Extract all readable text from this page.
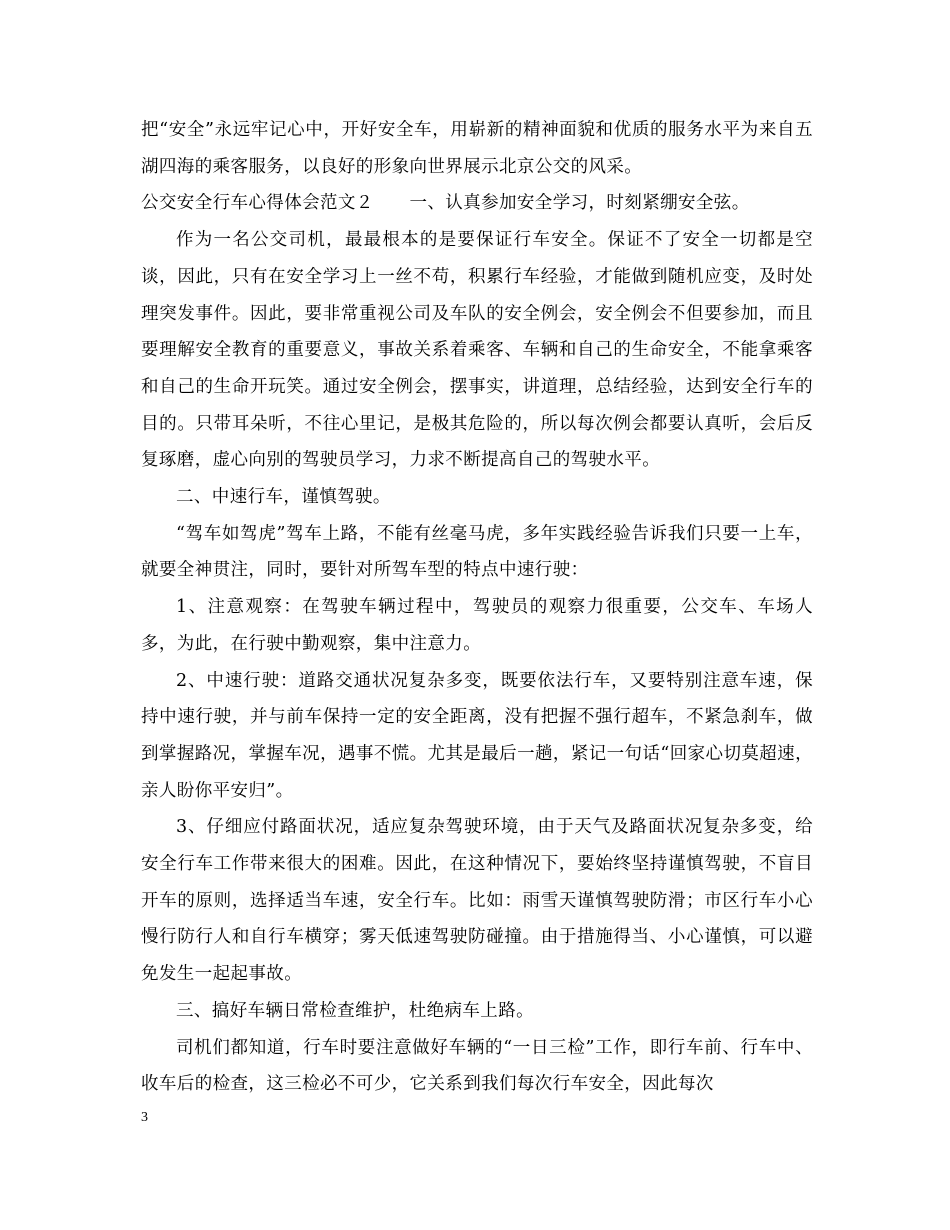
把“安全”永远牢记心中，开好安全车，用崭新的精神面貌和优质的服务水平为来自五湖四海的乘客服务，以良好的形象向世界展示北京公交的风采。

公交安全行车心得体会范文２　　一、认真参加安全学习，时刻紧绷安全弦。

作为一名公交司机，最最根本的是要保证行车安全。保证不了安全一切都是空谈，因此，只有在安全学习上一丝不苟，积累行车经验，才能做到随机应变，及时处理突发事件。因此，要非常重视公司及车队的安全例会，安全例会不但要参加，而且要理解安全教育的重要意义，事故关系着乘客、车辆和自己的生命安全，不能拿乘客和自己的生命开玩笑。通过安全例会，摆事实，讲道理，总结经验，达到安全行车的目的。只带耳朵听，不往心里记，是极其危险的，所以每次例会都要认真听，会后反复琢磨，虚心向别的驾驶员学习，力求不断提高自己的驾驶水平。

二、中速行车，谨慎驾驶。

“驾车如驾虎”驾车上路，不能有丝毫马虎，多年实践经验告诉我们只要一上车，就要全神贯注，同时，要针对所驾车型的特点中速行驶：

1、注意观察：在驾驶车辆过程中，驾驶员的观察力很重要，公交车、车场人多，为此，在行驶中勤观察，集中注意力。

2、中速行驶：道路交通状况复杂多变，既要依法行车，又要特别注意车速，保持中速行驶，并与前车保持一定的安全距离，没有把握不强行超车，不紧急刹车，做到掌握路况，掌握车况，遇事不慌。尤其是最后一趟，紧记一句话“回家心切莫超速，亲人盼你平安归”。

3、仔细应付路面状况，适应复杂驾驶环境，由于天气及路面状况复杂多变，给安全行车工作带来很大的困难。因此，在这种情况下，要始终坚持谨慎驾驶，不盲目开车的原则，选择适当车速，安全行车。比如：雨雪天谨慎驾驶防滑；市区行车小心慢行防行人和自行车横穿；雾天低速驾驶防碰撞。由于措施得当、小心谨慎，可以避免发生一起起事故。

三、搞好车辆日常检查维护，杜绝病车上路。

司机们都知道，行车时要注意做好车辆的“一日三检”工作，即行车前、行车中、收车后的检查，这三检必不可少，它关系到我们每次行车安全，因此每次

3
